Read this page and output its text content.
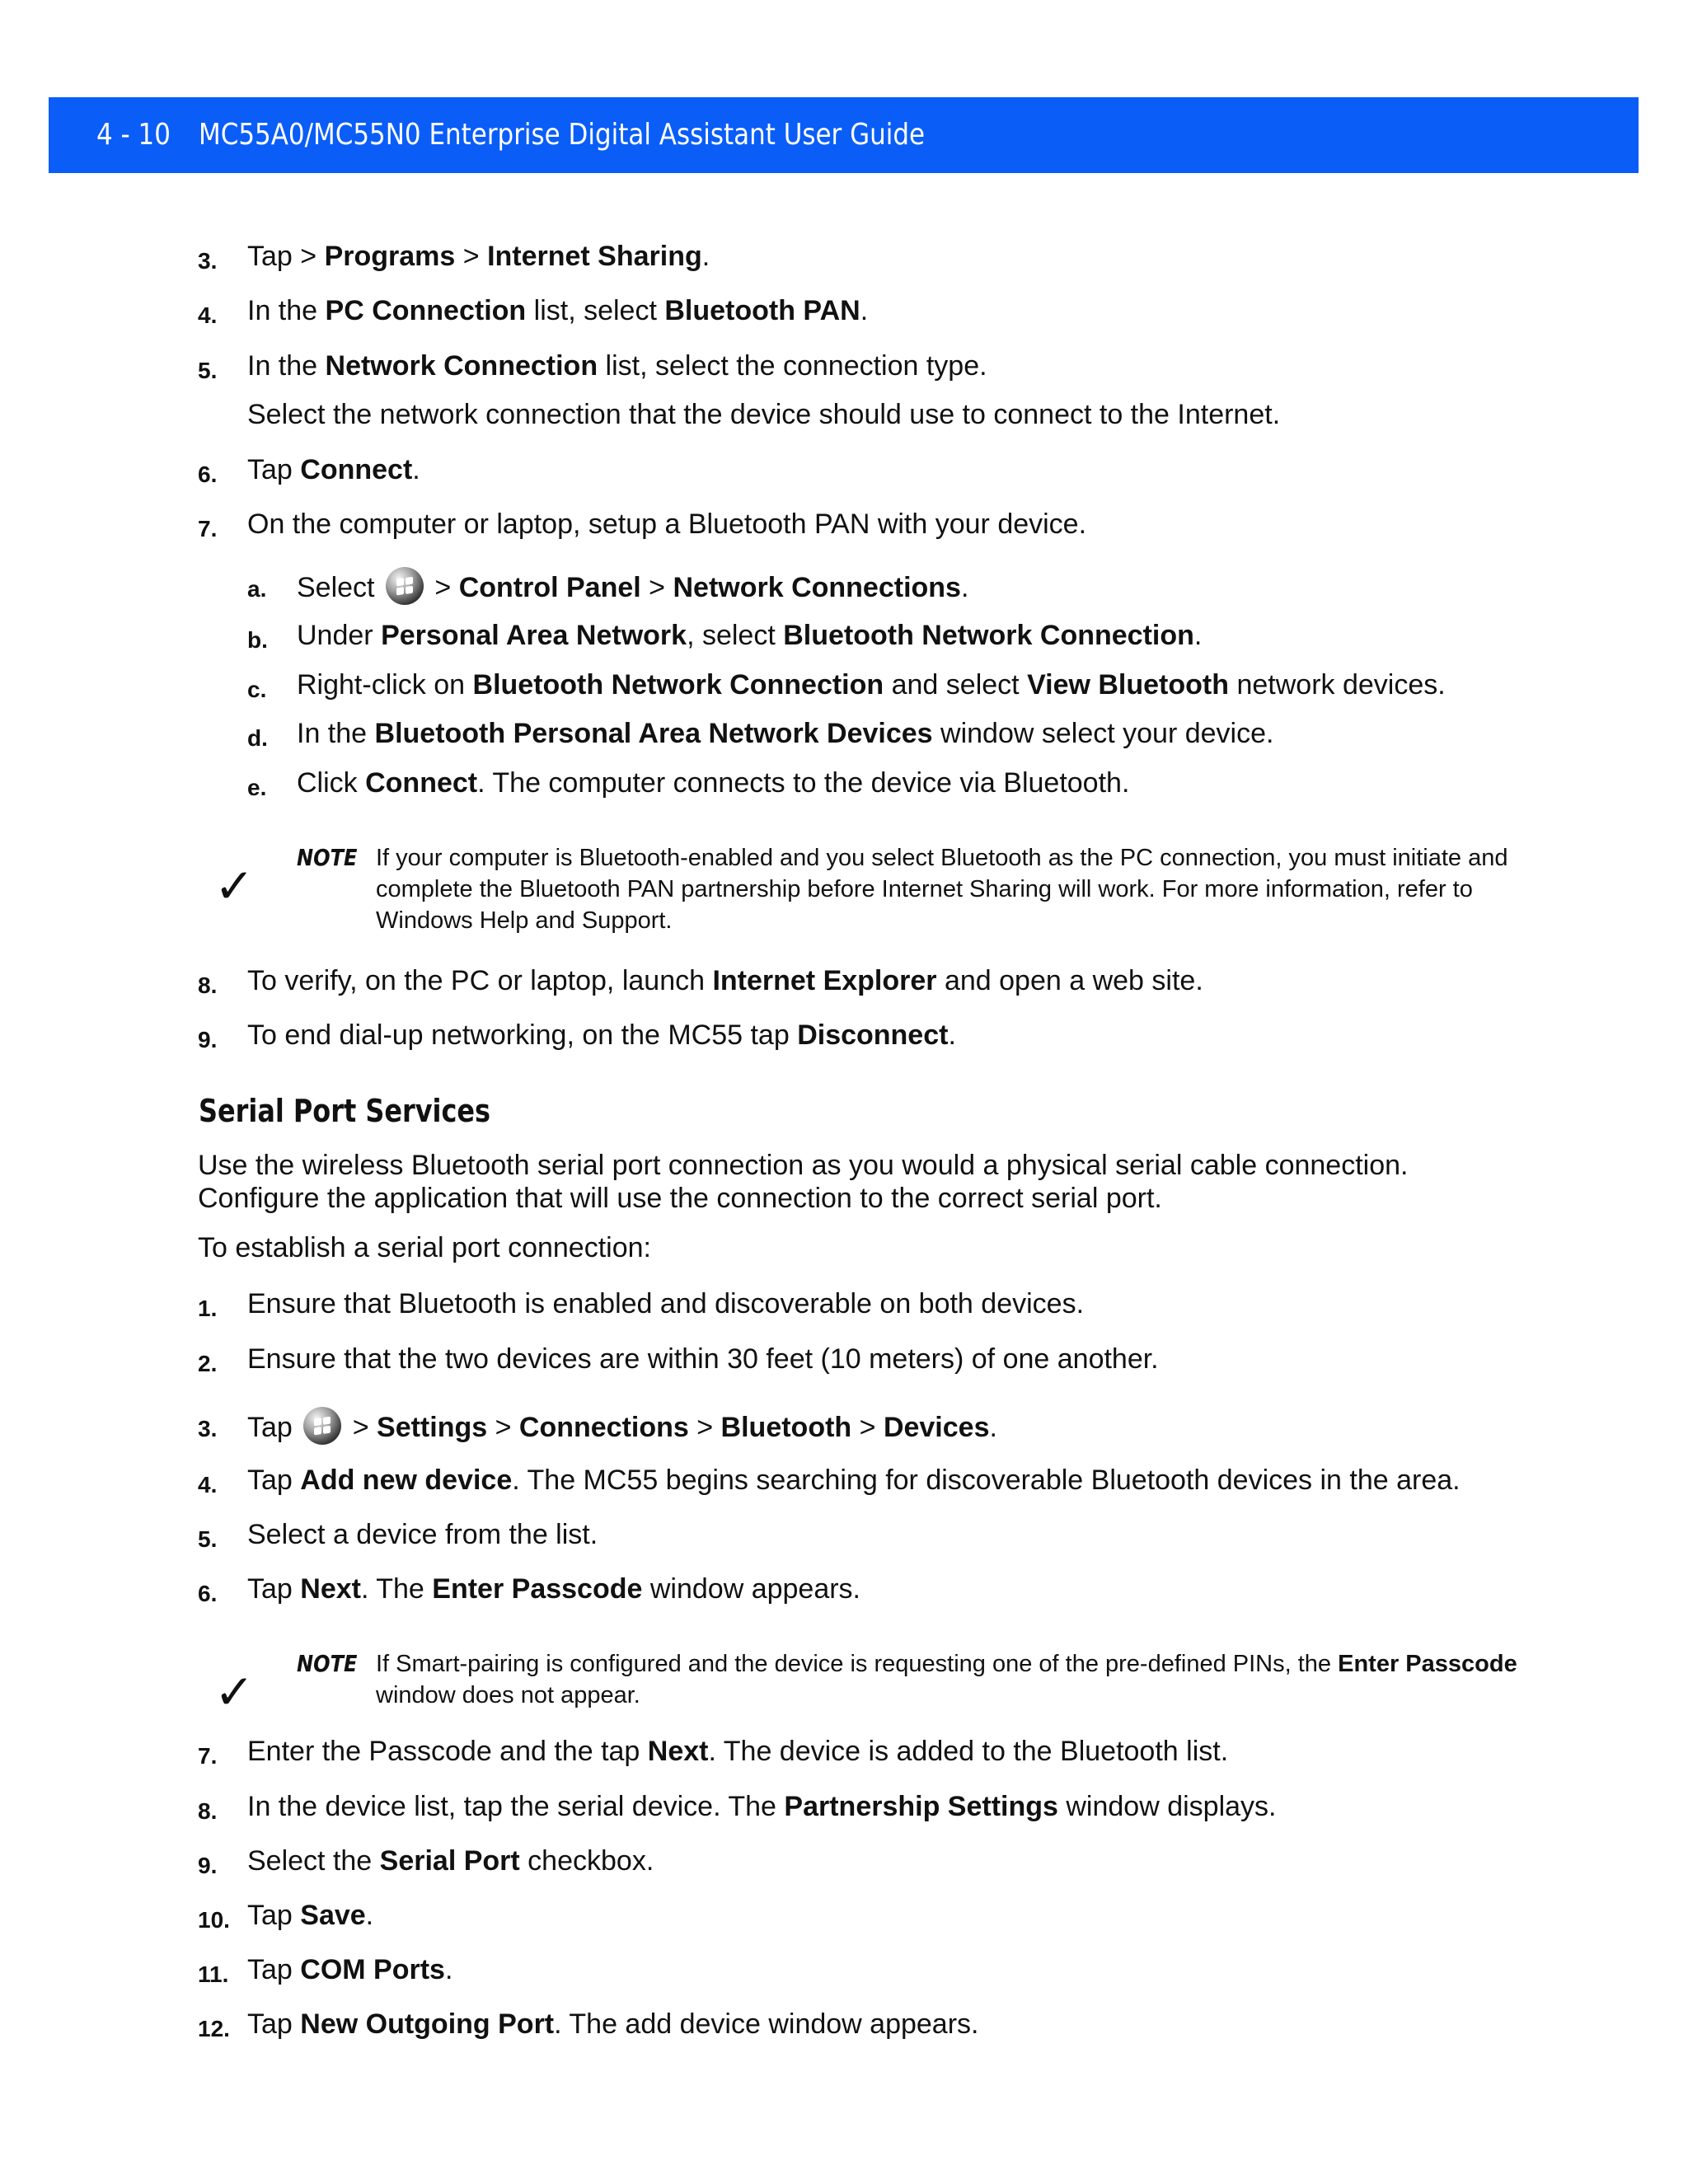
4 - 10 MC55A0/MC55N0 Enterprise Digital Assistant User Guide
3. Tap > Programs > Internet Sharing.
4. In the PC Connection list, select Bluetooth PAN.
5. In the Network Connection list, select the connection type.
Select the network connection that the device should use to connect to the Internet.
6. Tap Connect.
7. On the computer or laptop, setup a Bluetooth PAN with your device.
a. Select
> Control Panel > Network Connections.
b. Under Personal Area Network, select Bluetooth Network Connection.
c. Right-click on Bluetooth Network Connection and select View Bluetooth network devices.
d. In the Bluetooth Personal Area Network Devices window select your device.
e. Click Connect. The computer connects to the device via Bluetooth.
✓
NOTE If your computer is Bluetooth-enabled and you select Bluetooth as the PC connection, you must initiate and complete the Bluetooth PAN partnership before Internet Sharing will work. For more information, refer to Windows Help and Support.
8. To verify, on the PC or laptop, launch Internet Explorer and open a web site.
9. To end dial-up networking, on the MC55 tap Disconnect.
Serial Port Services
Use the wireless Bluetooth serial port connection as you would a physical serial cable connection. Configure the application that will use the connection to the correct serial port.
To establish a serial port connection:
1. Ensure that Bluetooth is enabled and discoverable on both devices.
2. Ensure that the two devices are within 30 feet (10 meters) of one another.
3. Tap
> Settings > Connections > Bluetooth > Devices.
4. Tap Add new device. The MC55 begins searching for discoverable Bluetooth devices in the area.
5. Select a device from the list.
6. Tap Next. The Enter Passcode window appears.
✓
NOTE If Smart-pairing is configured and the device is requesting one of the pre-defined PINs, the Enter Passcode window does not appear.
7. Enter the Passcode and the tap Next. The device is added to the Bluetooth list.
8. In the device list, tap the serial device. The Partnership Settings window displays.
9. Select the Serial Port checkbox.
10. Tap Save.
11. Tap COM Ports.
12. Tap New Outgoing Port. The add device window appears.
